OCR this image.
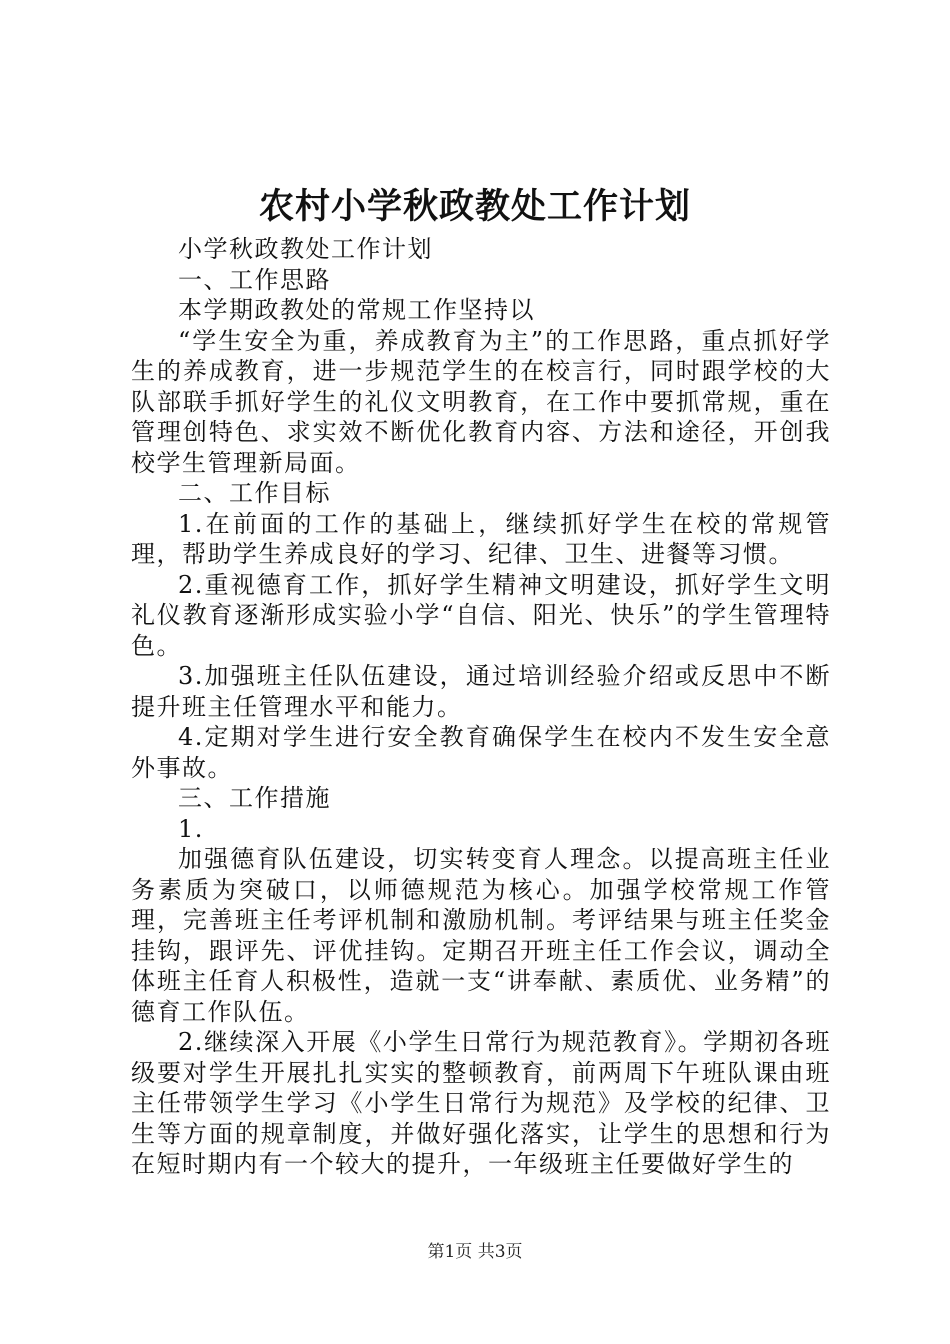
农村小学秋政教处工作计划

小学秋政教处工作计划

一、工作思路

本学期政教处的常规工作坚持以

“学生安全为重，养成教育为主”的工作思路，重点抓好学生的养成教育，进一步规范学生的在校言行，同时跟学校的大队部联手抓好学生的礼仪文明教育，在工作中要抓常规，重在管理创特色、求实效不断优化教育内容、方法和途径，开创我校学生管理新局面。

二、工作目标

1.在前面的工作的基础上，继续抓好学生在校的常规管理，帮助学生养成良好的学习、纪律、卫生、进餐等习惯。

2.重视德育工作，抓好学生精神文明建设，抓好学生文明礼仪教育逐渐形成实验小学“自信、阳光、快乐”的学生管理特色。

3.加强班主任队伍建设，通过培训经验介绍或反思中不断提升班主任管理水平和能力。

4.定期对学生进行安全教育确保学生在校内不发生安全意外事故。

三、工作措施

1.

加强德育队伍建设，切实转变育人理念。以提高班主任业务素质为突破口，以师德规范为核心。加强学校常规工作管理，完善班主任考评机制和激励机制。考评结果与班主任奖金挂钩，跟评先、评优挂钩。定期召开班主任工作会议，调动全体班主任育人积极性，造就一支“讲奉献、素质优、业务精”的德育工作队伍。

2.继续深入开展《小学生日常行为规范教育》。学期初各班级要对学生开展扎扎实实的整顿教育，前两周下午班队课由班主任带领学生学习《小学生日常行为规范》及学校的纪律、卫生等方面的规章制度，并做好强化落实，让学生的思想和行为在短时期内有一个较大的提升，一年级班主任要做好学生的

第1页 共3页
